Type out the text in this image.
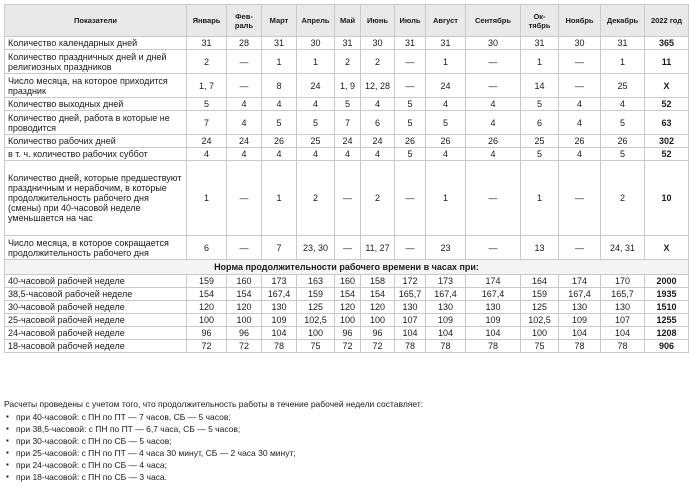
Показатели	Январь	Фев-раль	Март	Апрель	Май	Июнь	Июль	Август	Сентябрь	Ок-тябрь	Ноябрь	Декабрь	2022 год
Количество календарных дней	31	28	31	30	31	30	31	31	30	31	30	31	365
Количество праздничных дней и дней религиозных праздников	2	—	1	1	2	2	—	1	—	1	—	1	11
Число месяца, на которое приходится праздник	1, 7	—	8	24	1, 9	12, 28	—	24	—	14	—	25	X
Количество выходных дней	5	4	4	4	5	4	5	4	4	5	4	4	52
Количество дней, работа в которые не проводится	7	4	5	5	7	6	5	5	4	6	4	5	63
Количество рабочих дней	24	24	26	25	24	24	26	26	26	25	26	26	302
в т. ч. количество рабочих суббот	4	4	4	4	4	4	5	4	4	5	4	5	52
Количество дней, которые предшествуют праздничным и нерабочим, в которые продолжительность рабочего дня (смены) при 40-часовой неделе уменьшается на час	1	—	1	2	—	2	—	1	—	1	—	2	10
Число месяца, в которое сокращается продолжительность рабочего дня	6	—	7	23, 30	—	11, 27	—	23	—	13	—	24, 31	X
Норма продолжительности рабочего времени в часах при:													
40-часовой рабочей неделе	159	160	173	163	160	158	172	173	174	164	174	170	2000
38,5-часовой рабочей неделе	154	154	167,4	159	154	154	165,7	167,4	167,4	159	167,4	165,7	1935
30-часовой рабочей неделе	120	120	130	125	120	120	130	130	130	125	130	130	1510
25-часовой рабочей неделе	100	100	109	102,5	100	100	107	109	109	102,5	109	107	1255
24-часовой рабочей неделе	96	96	104	100	96	96	104	104	104	100	104	104	1208
18-часовой рабочей неделе	72	72	78	75	72	72	78	78	78	75	78	78	906

Расчеты проведены с учетом того, что продолжительность работы в течение рабочей недели составляет:

▪ при 40-часовой: с ПН по ПТ — 7 часов, СБ — 5 часов;
▪ при 38,5-часовой: с ПН по ПТ — 6,7 часа, СБ — 5 часов;
▪ при 30-часовой: с ПН по СБ — 5 часов;
▪ при 25-часовой: с ПН по ПТ — 4 часа 30 минут, СБ — 2 часа 30 минут;
▪ при 24-часовой: с ПН по СБ — 4 часа;
▪ при 18-часовой: с ПН по СБ — 3 часа.
